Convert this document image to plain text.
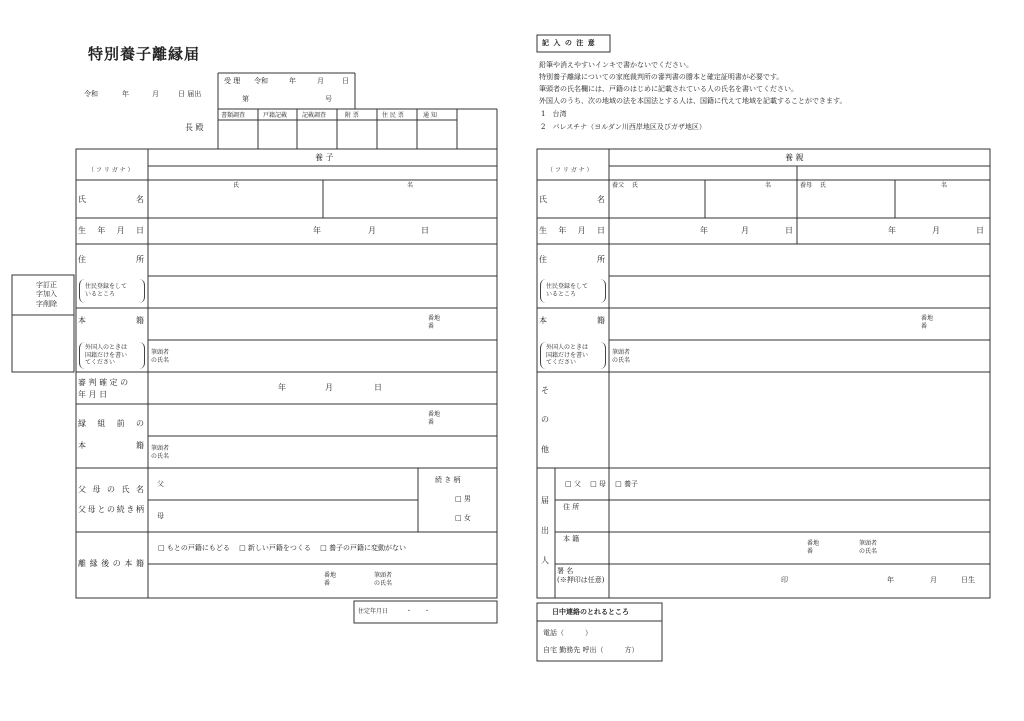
特別養子離縁届
令和	年	月	日 届出
長 殿
受 理 令和	年	月	日
第	号
書類調査	戸籍記載 記載調査	附 票	住 民 票	通 知
字訂正
字加入
字削除
養 子
（ フ リ ガ ナ ）
氏	名
氏 名
生 年 月 日	年	月	日
住 所
住民登録をして
いるところ
本 籍	番地
番
外国人のときは
国籍だけを書い
てください
筆頭者
の氏名
審 判 確 定 の
年 月 日
年	月	日
縁 組 前 の
本 籍
番地
番
筆頭者
の氏名
父 母 の 氏 名
父母との続き柄
父
母
続 き 柄
□ 男
□ 女
離 縁 後 の 本 籍
□ もとの戸籍にもどる　 □ 新しい戸籍をつくる　 □ 養子の戸籍に変動がない
番地
番
筆頭者
の氏名
住定年月日　　　・　　・
記 入 の 注 意
鉛筆や消えやすいインキで書かないでください。
特別養子離縁についての家庭裁判所の審判書の謄本と確定証明書が必要です。
筆頭者の氏名欄には、戸籍のはじめに記載されている人の氏名を書いてください。
外国人のうち、次の地域の法を本国法とする人は、国籍に代えて地域を記載することができます。
1　台湾
2　パレスチナ（ヨルダン川西岸地区及びガザ地区）
養 親
（ フ リ ガ ナ ）
養父　 氏	名	養母　 氏	名
氏 名
生 年 月 日	年	月	日	年	月	日
住 所
住民登録をして
いるところ
本 籍	番地
番
外国人のときは
国籍だけを書い
てください
筆頭者
の氏名
そ
の
他
届
出
人
□ 父　 □ 母　 □ 養子
住 所
本 籍
番地
番
筆頭者
の氏名
署 名
(※押印は任意)	印	年	月	日生
日中連絡のとれるところ
電話（　　　）
自宅 勤務先 呼出（　　　方）
